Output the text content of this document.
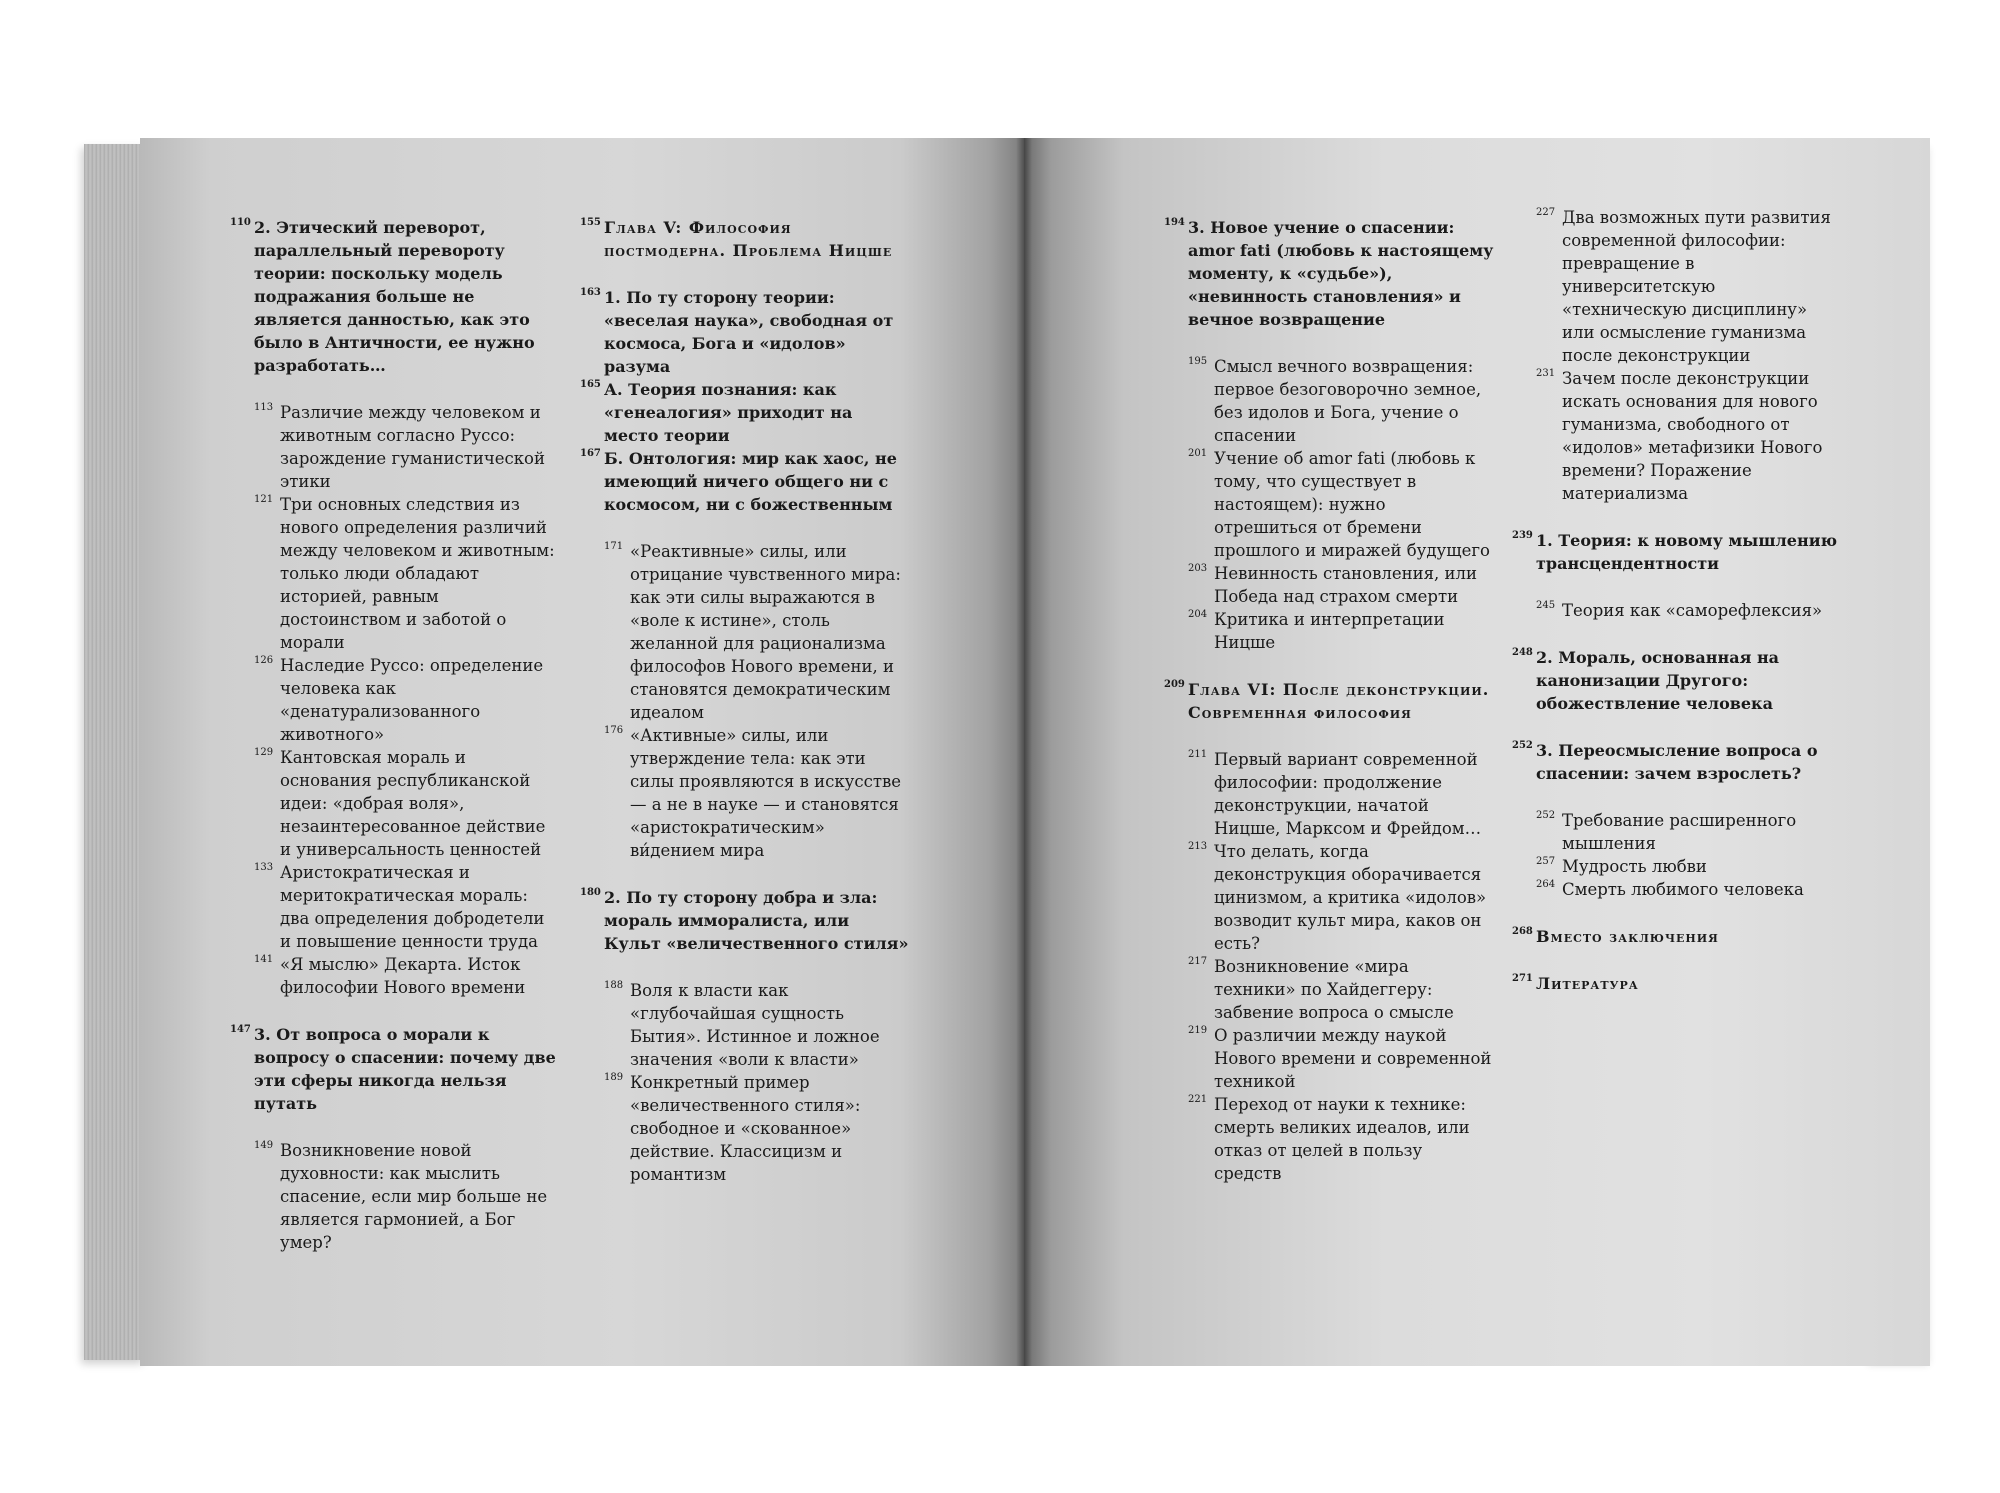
110 2. Этический переворот, параллельный перевороту теории: поскольку модель подражания больше не является данностью, как это было в Античности, ее нужно разработать…
113 Различие между человеком и животным согласно Руссо: зарождение гуманистической этики
121 Три основных следствия из нового определения различий между человеком и животным: только люди обладают историей, равным достоинством и заботой о морали
126 Наследие Руссо: определение человека как «денатурализованного животного»
129 Кантовская мораль и основания республиканской идеи: «добрая воля», незаинтересованное действие и универсальность ценностей
133 Аристократическая и меритократическая мораль: два определения добродетели и повышение ценности труда
141 «Я мыслю» Декарта. Исток философии Нового времени
147 3. От вопроса о морали к вопросу о спасении: почему две эти сферы никогда нельзя путать
149 Возникновение новой духовности: как мыслить спасение, если мир больше не является гармонией, а Бог умер?
155 Глава V: Философия постмодерна. Проблема Ницше
163 1. По ту сторону теории: «веселая наука», свободная от космоса, Бога и «идолов» разума
165 А. Теория познания: как «генеалогия» приходит на место теории
167 Б. Онтология: мир как хаос, не имеющий ничего общего ни с космосом, ни с божественным
171 «Реактивные» силы, или отрицание чувственного мира: как эти силы выражаются в «воле к истине», столь желанной для рационализма философов Нового времени, и становятся демократическим идеалом
176 «Активные» силы, или утверждение тела: как эти силы проявляются в искусстве — а не в науке — и становятся «аристократическим» ви́дением мира
180 2. По ту сторону добра и зла: мораль имморалиста, или Культ «величественного стиля»
188 Воля к власти как «глубочайшая сущность Бытия». Истинное и ложное значения «воли к власти»
189 Конкретный пример «величественного стиля»: свободное и «скованное» действие. Классицизм и романтизм
194 3. Новое учение о спасении: amor fati (любовь к настоящему моменту, к «судьбе»), «невинность становления» и вечное возвращение
195 Смысл вечного возвращения: первое безоговорочно земное, без идолов и Бога, учение о спасении
201 Учение об amor fati (любовь к тому, что существует в настоящем): нужно отрешиться от бремени прошлого и миражей будущего
203 Невинность становления, или Победа над страхом смерти
204 Критика и интерпретации Ницше
209 Глава VI: После деконструкции. Современная философия
211 Первый вариант современной философии: продолжение деконструкции, начатой Ницше, Марксом и Фрейдом…
213 Что делать, когда деконструкция оборачивается цинизмом, а критика «идолов» возводит культ мира, каков он есть?
217 Возникновение «мира техники» по Хайдеггеру: забвение вопроса о смысле
219 О различии между наукой Нового времени и современной техникой
221 Переход от науки к технике: смерть великих идеалов, или отказ от целей в пользу средств
227 Два возможных пути развития современной философии: превращение в университетскую «техническую дисциплину» или осмысление гуманизма после деконструкции
231 Зачем после деконструкции искать основания для нового гуманизма, свободного от «идолов» метафизики Нового времени? Поражение материализма
239 1. Теория: к новому мышлению трансцендентности
245 Теория как «саморефлексия»
248 2. Мораль, основанная на канонизации Другого: обожествление человека
252 3. Переосмысление вопроса о спасении: зачем взрослеть?
252 Требование расширенного мышления
257 Мудрость любви
264 Смерть любимого человека
268 Вместо заключения
271 Литература
